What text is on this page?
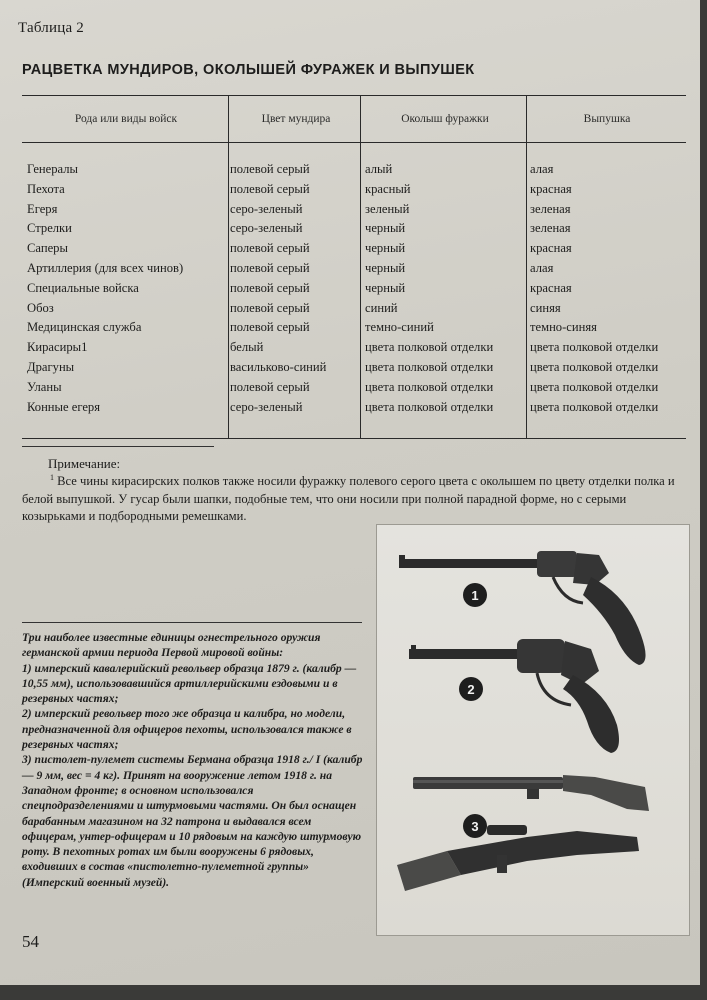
Таблица 2
РАЦВЕТКА МУНДИРОВ, ОКОЛЫШЕЙ ФУРАЖЕК И ВЫПУШЕК
Рода или виды войск	Цвет мундира	Околыш фуражки	Выпушка
Генералы	полевой серый	алый	алая
Пехота	полевой серый	красный	красная
Егеря	серо-зеленый	зеленый	зеленая
Стрелки	серо-зеленый	черный	зеленая
Саперы	полевой серый	черный	красная
Артиллерия (для всех чинов)	полевой серый	черный	алая
Специальные войска	полевой серый	черный	красная
Обоз	полевой серый	синий	синяя
Медицинская служба	полевой серый	темно-синий	темно-синяя
Кирасиры1	белый	цвета полковой отделки	цвета полковой отделки
Драгуны	васильково-синий	цвета полковой отделки	цвета полковой отделки
Уланы	полевой серый	цвета полковой отделки	цвета полковой отделки
Конные егеря	серо-зеленый	цвета полковой отделки	цвета полковой отделки
Примечание:
$^1$ Все чины кирасирских полков также носили фуражку полевого серого цвета с околышем по цвету отделки полка и белой выпушкой. У гусар были шапки, подобные тем, что они носили при полной парадной форме, но с серыми козырьками и подбородными ремешками.
1
2
3
Три наиболее известные единицы огнестрельного оружия германской армии периода Первой мировой войны:
1) имперский кавалерийский револьвер образца 1879 г. (калибр — 10,55 мм), использовавшийся артиллерийскими ездовыми и в резервных частях;
2) имперский револьвер того же образца и калибра, но модели, предназначенной для офицеров пехоты, использовался также в резервных частях;
3) пистолет-пулемет системы Бермана образца 1918 г./ I (калибр — 9 мм, вес = 4 кг). Принят на вооружение летом 1918 г. на Западном фронте; в основном использовался спецподразделениями и штурмовыми частями. Он был оснащен барабанным магазином на 32 патрона и выдавался всем офицерам, унтер-офицерам и 10 рядовым на каждую штурмовую роту. В пехотных ротах им были вооружены 6 рядовых, входивших в состав «пистолетно-пулеметной группы» (Имперский военный музей).
54
